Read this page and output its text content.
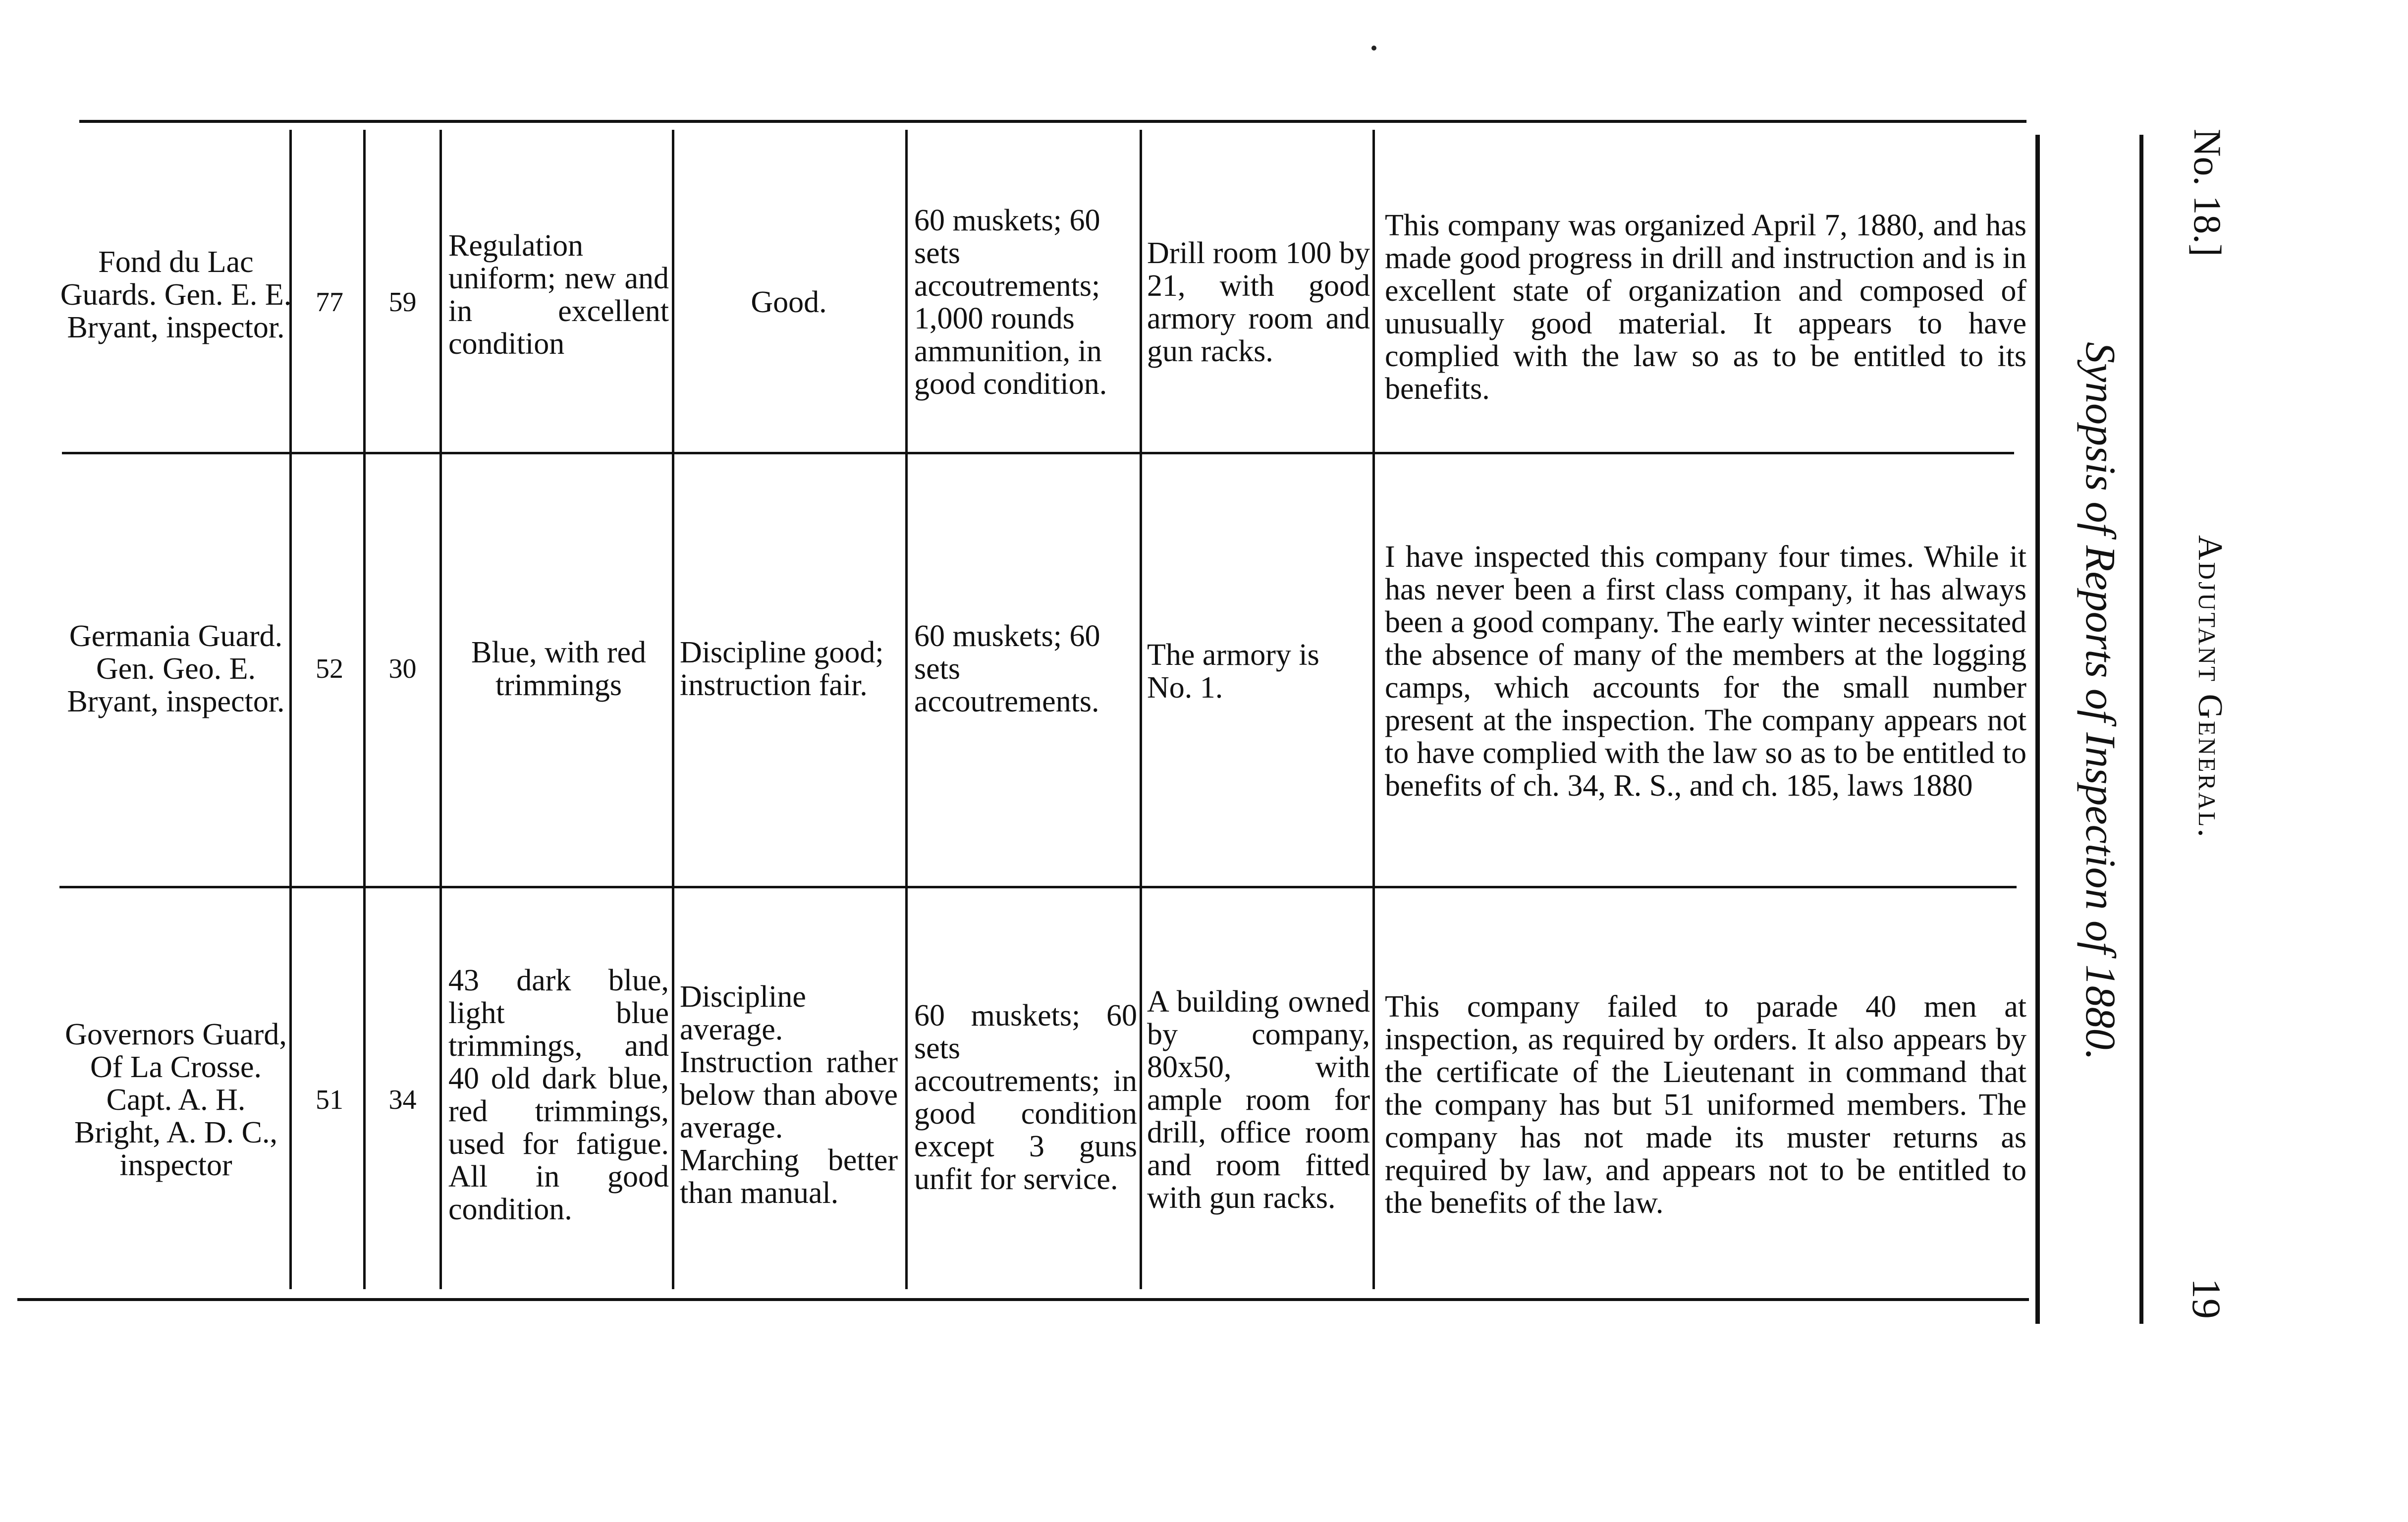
Fond du Lac Guards. Gen. E. E. Bryant, inspector.
77 59
Regulation uniform; new and in excellent condition
Good.
60 muskets; 60 sets accoutrements; 1,000 rounds ammunition, in good condition.
Drill room 100 by 21, with good armory room and gun racks.
This company was organized April 7, 1880, and has made good progress in drill and instruction and is in excellent state of organization and composed of unusually good material. It appears to have complied with the law so as to be entitled to its benefits.
Germania Guard. Gen. Geo. E. Bryant, inspector.
52 30	Blue, with red trimmings
Discipline good; instruction fair.
60 muskets; 60 sets accoutrements.
The armory is No. 1.
I have inspected this company four times. While it has never been a first class company, it has always been a good company. The early winter necessitated the absence of many of the members at the logging camps, which accounts for the small number present at the inspection. The company appears not to have complied with the law so as to be entitled to benefits of ch. 34, R. S., and ch. 185, laws 1880
Governors Guard, Of La Crosse. Capt. A. H. Bright, A. D. C., inspector
51 34
43 dark blue, light blue trimmings, and 40 old dark blue, red trimmings, used for fatigue. All in good condition.
Discipline average. Instruction rather below than above average. Marching better than manual.
60 muskets; 60 sets accoutrements; in good condition except 3 guns unfit for service.
A building owned by company, 80x50, with ample room for drill, office room and room fitted with gun racks.
This company failed to parade 40 men at inspection, as required by orders. It also appears by the certificate of the Lieutenant in command that the company has but 51 uniformed members. The company has not made its muster returns as required by law, and appears not to be entitled to the benefits of the law.
Synopsis of Reports of Inspection of 1880. Adjutant General.
No. 18.]
19
